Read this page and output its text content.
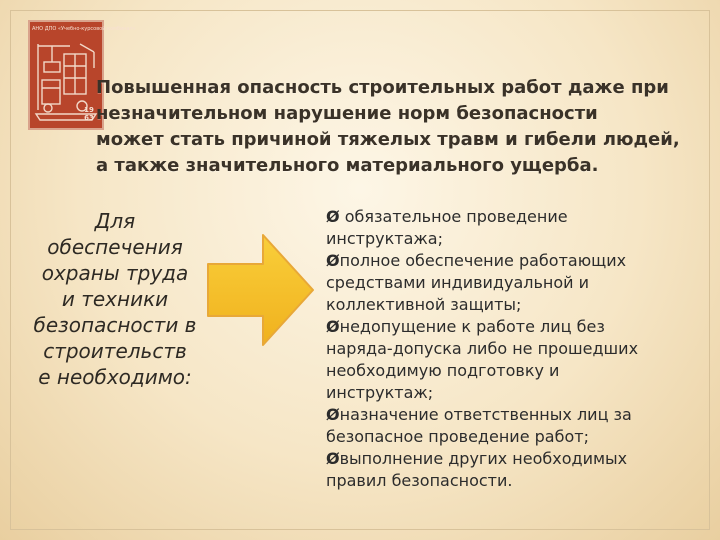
АНО ДПО «Учебно-курсовой комбинат»
19 63
Повышенная опасность строительных работ даже при
незначительном нарушение норм безопасности
может стать причиной тяжелых травм и гибели людей,
а также значительного материального ущерба.
Для
обеспечения
охраны труда
и техники
безопасности в
строительств
е необходимо:
Ø обязательное проведение
инструктажа;
Øполное обеспечение работающих
средствами индивидуальной и
коллективной защиты;
Øнедопущение к работе лиц без
наряда-допуска либо не прошедших
необходимую подготовку и
инструктаж;
Øназначение ответственных лиц за
безопасное проведение работ;
Øвыполнение других необходимых
правил безопасности.
